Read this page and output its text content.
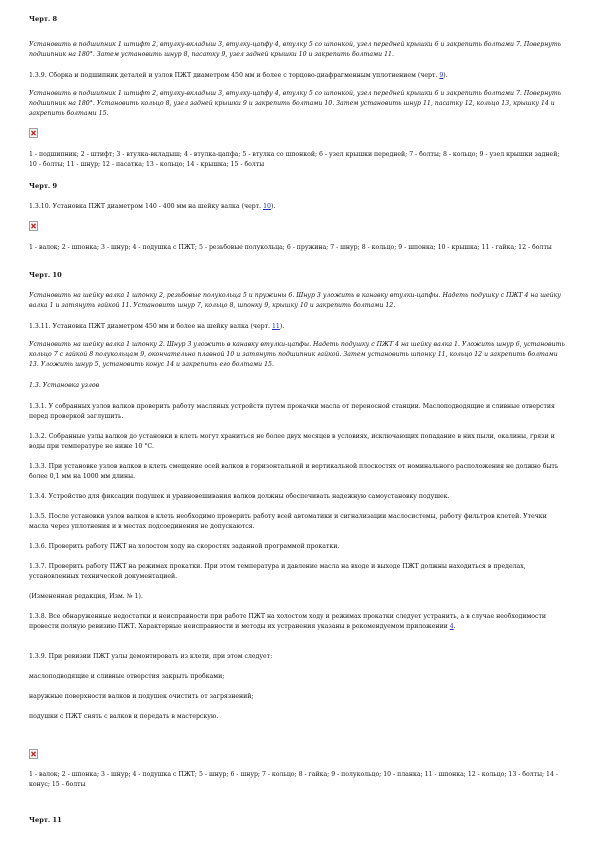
Черт. 8

Установить в подшипник 1 штифт 2, втулку-вкладыш 3, втулку-цапфу 4, втулку 5 со шпонкой, узел передней крышки 6 и закрепить болтами 7. Повернуть подшипник на 180°. Затем установить шнур 8, пасатку 9, узел задней крышки 10 и закрепить болтами 11.

1.3.9. Сборка и подшипник деталей и узлов ПЖТ диаметром 450 мм и более с торцово-диафрагменным уплотнением (черт. 9).

Установить в подшипник 1 штифт 2, втулку-вкладыш 3, втулку-цапфу 4, втулку 5 со шпонкой, узел передней крышки 6 и закрепить болтами 7. Повернуть подшипник на 180°. Установить кольцо 8, узел задней крышки 9 и закрепить болтами 10. Затем установить шнур 11, пасатку 12, кольцо 13, крышку 14 и закрепить болтами 15.

1 - подшипник; 2 - штифт; 3 - втулка-вкладыш; 4 - втулка-цапфа; 5 - втулка со шпонкой; 6 - узел крышки передней; 7 - болты; 8 - кольцо; 9 - узел крышки задней; 10 - болты; 11 - шнур; 12 - пасатка; 13 - кольцо; 14 - крышка; 15 - болты

Черт. 9

1.3.10. Установка ПЖТ диаметром 140 - 400 мм на шейку валка (черт. 10).

1 - валок; 2 - шпонка; 3 - шнур; 4 - подушка с ПЖТ; 5 - резьбовые полукольца; 6 - пружина; 7 - шнур; 8 - кольцо; 9 - шпонка; 10 - крышка; 11 - гайка; 12 - болты

Черт. 10

Установить на шейку валка 1 шпонку 2, резьбовые полукольца 5 и пружины 6. Шнур 3 уложить в канавку втулки-цапфы. Надеть подушку с ПЖТ 4 на шейку валка 1 и затянуть гайкой 11. Установить шнур 7, кольцо 8, шпонку 9, крышку 10 и закрепить болтами 12.

1.3.11. Установка ПЖТ диаметром 450 мм и более на шейку валка (черт. 11).

Установить на шейку валка 1 шпонку 2. Шнур 3 уложить в канавку втулки-цапфы. Надеть подушку с ПЖТ 4 на шейку валка 1. Уложить шнур 6, установить кольцо 7 с гайкой 8 полукольцам 9, окончательно плавной 10 и затянуть подшипник гайкой. Затем установить шпонку 11, кольцо 12 и закрепить болтами 13. Уложить шнур 5, установить конус 14 и закрепить его болтами 15.

1.3. Установка узлов

1.3.1. У собранных узлов валков проверить работу масляных устройств путем прокачки масла от переносной станции. Маслоподводящие и сливные отверстия перед проверкой заглушить.

1.3.2. Собранные узлы валков до установки в клеть могут храниться не более двух месяцев в условиях, исключающих попадание в них пыли, окалины, грязи и воды при температуре не ниже 10 °С.

1.3.3. При установке узлов валков в клеть смещение осей валков в горизонтальной и вертикальной плоскостях от номинального расположения не должно быть более 0,1 мм на 1000 мм длины.

1.3.4. Устройство для фиксации подушек и уравновешивания валков должны обеспечивать надежную самоустановку подушек.

1.3.5. После установки узлов валков в клеть необходимо проверить работу всей автоматики и сигнализации маслосистемы, работу фильтров клетей. Утечки масла через уплотнения и в местах подсоединения не допускаются.

1.3.6. Проверить работу ПЖТ на холостом ходу на скоростях заданной программой прокатки.

1.3.7. Проверить работу ПЖТ на режимах прокатки. При этом температура и давление масла на входе и выходе ПЖТ должны находиться в пределах, установленных технической документацией.

(Измененная редакция, Изм. № 1).

1.3.8. Все обнаруженные недостатки и неисправности при работе ПЖТ на холостом ходу и режимах прокатки следует устранить, а в случае необходимости провести полную ревизию ПЖТ. Характерные неисправности и методы их устранения указаны в рекомендуемом приложении 4.

1.3.9. При ревизии ПЖТ узлы демонтировать из клети, при этом следует:

маслоподводящие и сливные отверстия закрыть пробками;

наружные поверхности валков и подушек очистить от загрязнений;

подушки с ПЖТ снять с валков и передать в мастерскую.

1 - валок; 2 - шпонка; 3 - шнур; 4 - подушка с ПЖТ; 5 - шнур; 6 - шнур; 7 - кольцо; 8 - гайка; 9 - полукольцо; 10 - планка; 11 - шпонка; 12 - кольцо; 13 - болты; 14 - конус; 15 - болты

Черт. 11
